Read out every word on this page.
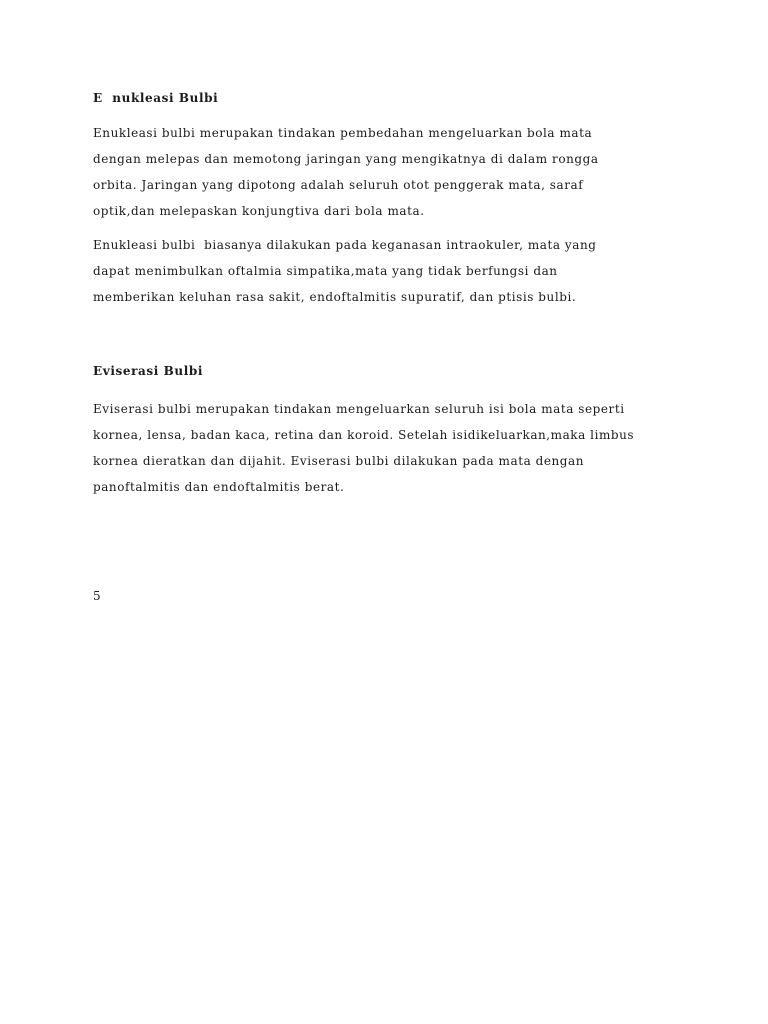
E  nukleasi Bulbi
Enukleasi bulbi merupakan tindakan pembedahan mengeluarkan bola mata
dengan melepas dan memotong jaringan yang mengikatnya di dalam rongga
orbita. Jaringan yang dipotong adalah seluruh otot penggerak mata, saraf
optik,dan melepaskan konjungtiva dari bola mata.
Enukleasi bulbi  biasanya dilakukan pada keganasan intraokuler, mata yang
dapat menimbulkan oftalmia simpatika,mata yang tidak berfungsi dan
memberikan keluhan rasa sakit, endoftalmitis supuratif, dan ptisis bulbi.
Eviserasi Bulbi
Eviserasi bulbi merupakan tindakan mengeluarkan seluruh isi bola mata seperti
kornea, lensa, badan kaca, retina dan koroid. Setelah isidikeluarkan,maka limbus
kornea dieratkan dan dijahit. Eviserasi bulbi dilakukan pada mata dengan
panoftalmitis dan endoftalmitis berat.
5
